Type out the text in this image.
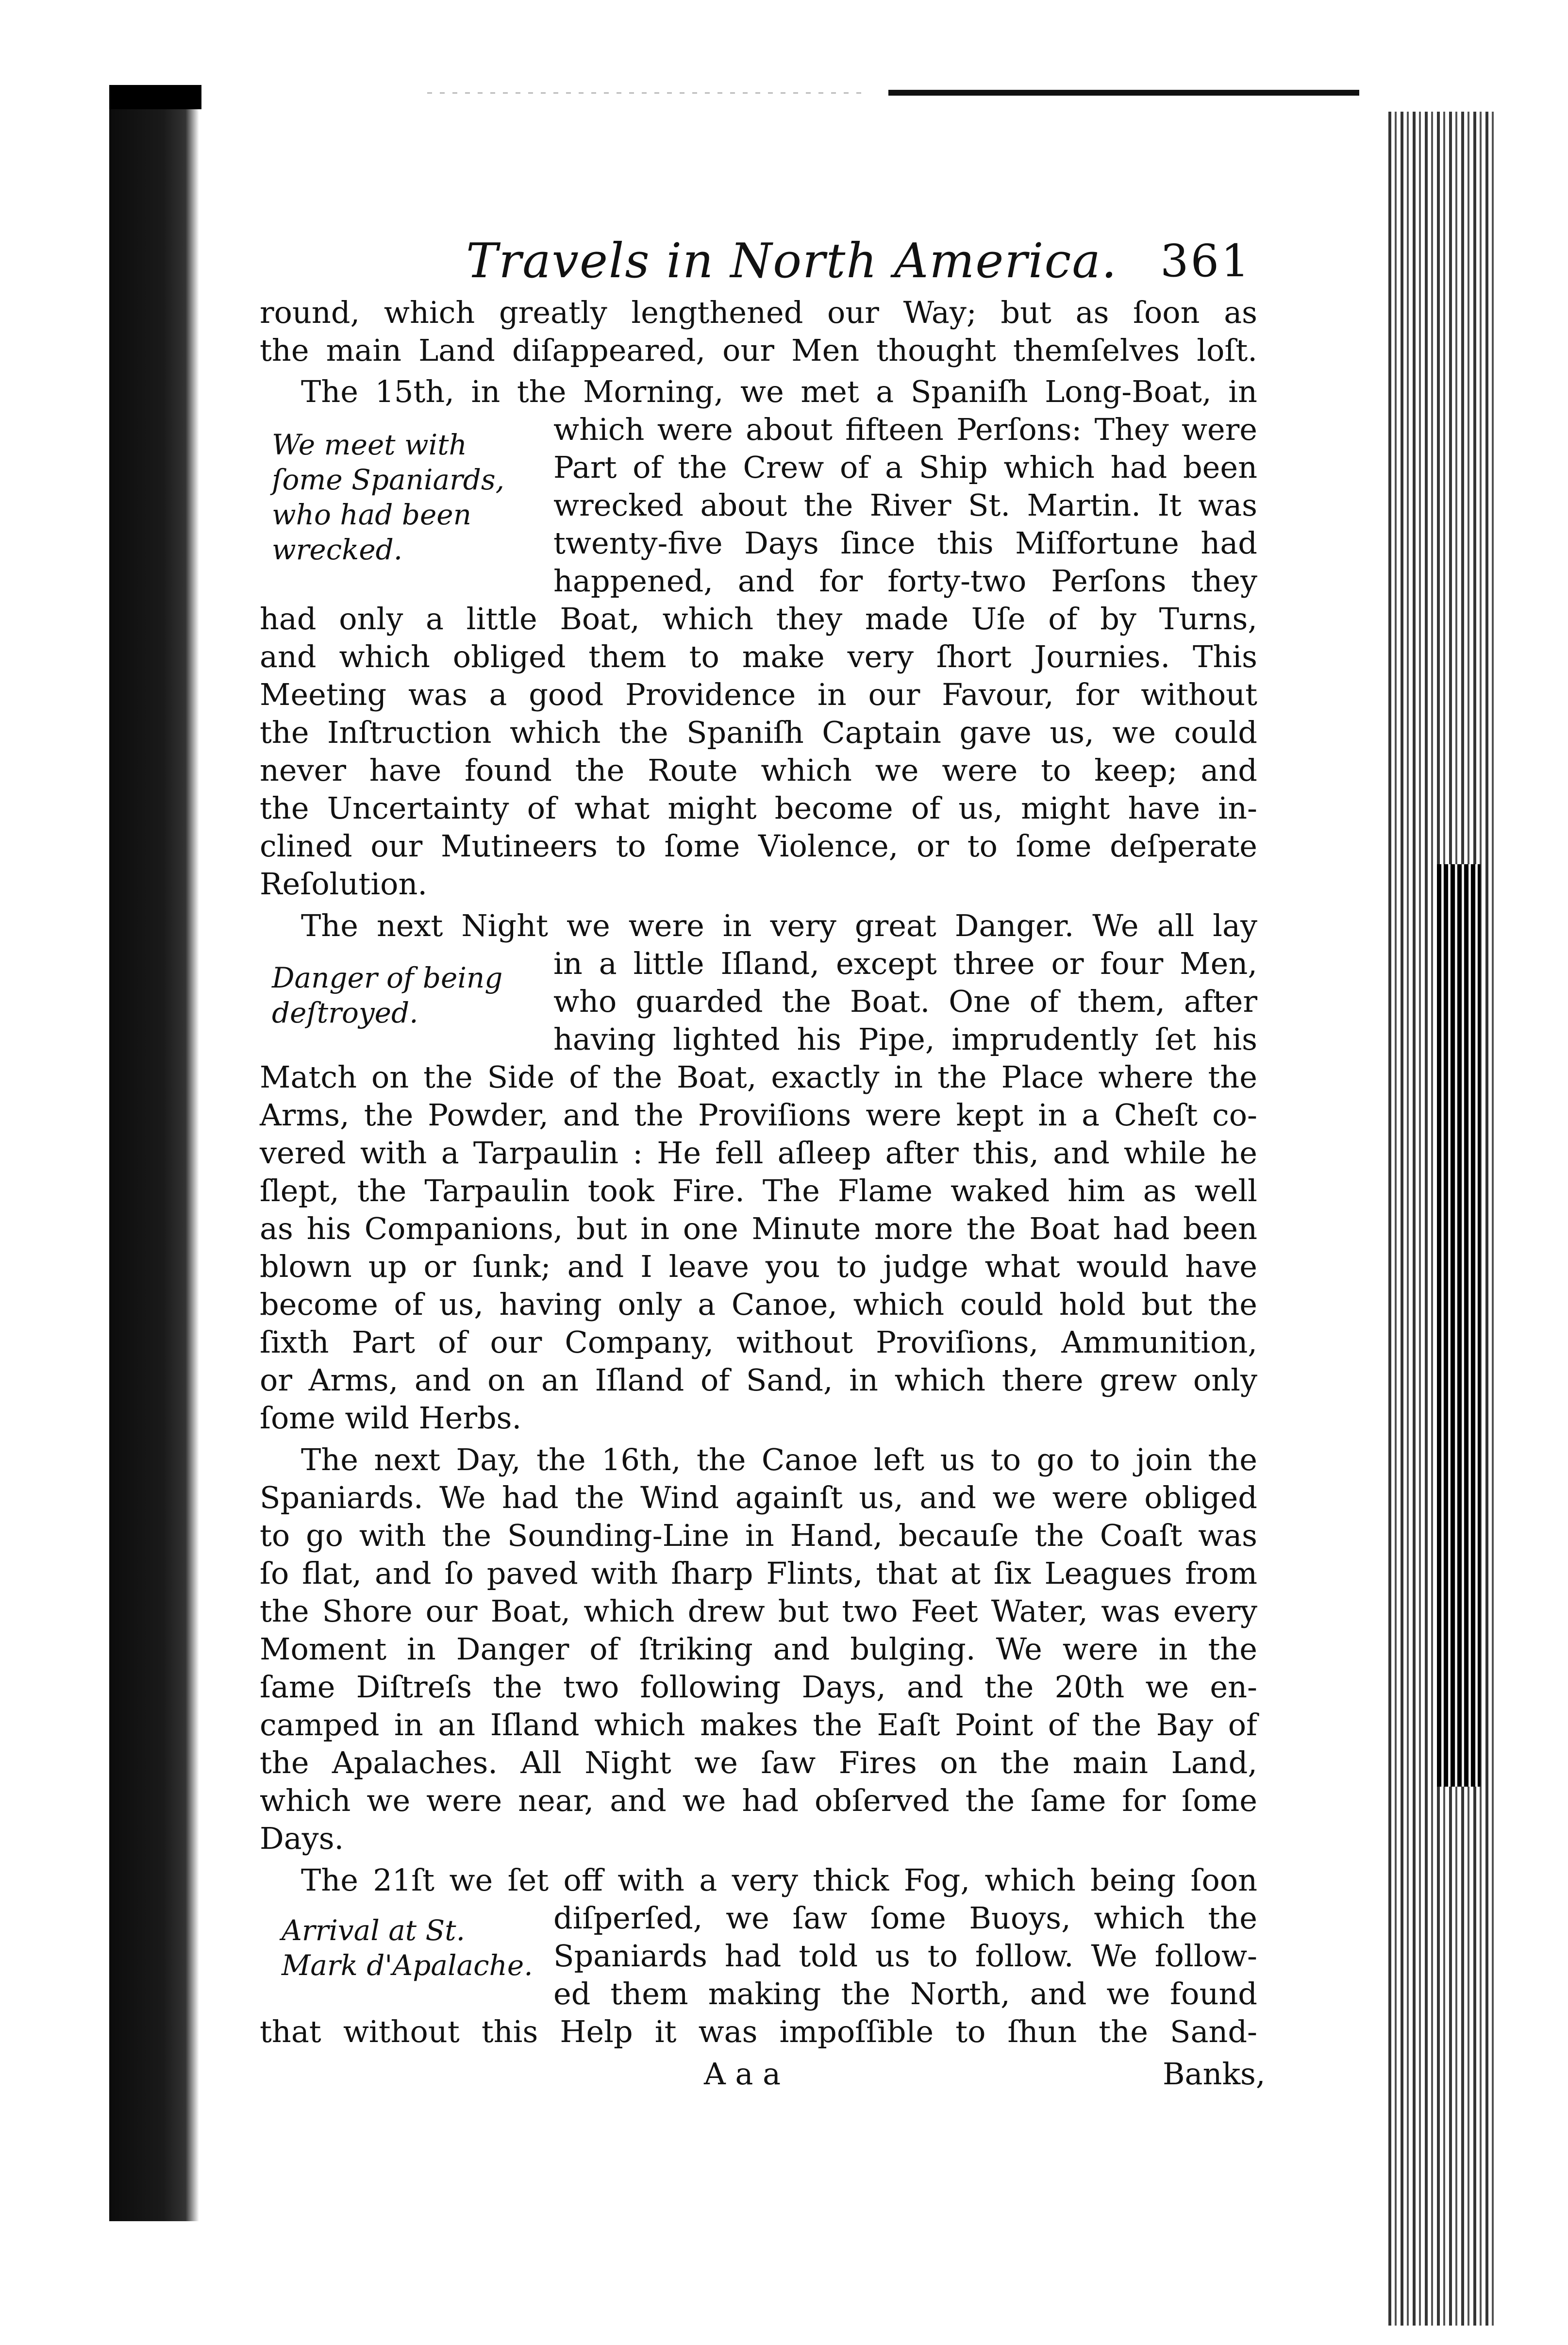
Travels in North America. 361
round, which greatly lengthened our Way; but as ſoon as
the main Land diſappeared, our Men thought themſelves loſt.
The 15th, in the Morning, we met a Spaniſh Long-Boat, in
which were about fifteen Perſons: They were
Part of the Crew of a Ship which had been
wrecked about the River St. Martin. It was
twenty-five Days ſince this Miſfortune had
happened, and for forty-two Perſons they
had only a little Boat, which they made Uſe of by Turns,
and which obliged them to make very ſhort Journies. This
Meeting was a good Providence in our Favour, for without
the Inſtruction which the Spaniſh Captain gave us, we could
never have found the Route which we were to keep; and
the Uncertainty of what might become of us, might have in-
clined our Mutineers to ſome Violence, or to ſome deſperate
Reſolution.
The next Night we were in very great Danger. We all lay
in a little Iſland, except three or four Men,
who guarded the Boat. One of them, after
having lighted his Pipe, imprudently ſet his
Match on the Side of the Boat, exactly in the Place where the
Arms, the Powder, and the Proviſions were kept in a Cheſt co-
vered with a Tarpaulin : He fell aſleep after this, and while he
ſlept, the Tarpaulin took Fire. The Flame waked him as well
as his Companions, but in one Minute more the Boat had been
blown up or ſunk; and I leave you to judge what would have
become of us, having only a Canoe, which could hold but the
ſixth Part of our Company, without Proviſions, Ammunition,
or Arms, and on an Iſland of Sand, in which there grew only
ſome wild Herbs.
The next Day, the 16th, the Canoe left us to go to join the
Spaniards. We had the Wind againſt us, and we were obliged
to go with the Sounding-Line in Hand, becauſe the Coaſt was
ſo flat, and ſo paved with ſharp Flints, that at ſix Leagues from
the Shore our Boat, which drew but two Feet Water, was every
Moment in Danger of ſtriking and bulging. We were in the
ſame Diſtreſs the two following Days, and the 20th we en-
camped in an Iſland which makes the Eaſt Point of the Bay of
the Apalaches. All Night we ſaw Fires on the main Land,
which we were near, and we had obſerved the ſame for ſome
Days.
The 21ſt we ſet off with a very thick Fog, which being ſoon
diſperſed, we ſaw ſome Buoys, which the
Spaniards had told us to follow. We follow-
ed them making the North, and we found
that without this Help it was impoſſible to ſhun the Sand-
We meet with
ſome Spaniards,
who had been
wrecked.
Danger of being
deſtroyed.
Arrival at St.
Mark d'Apalache.
A a a	Banks,
